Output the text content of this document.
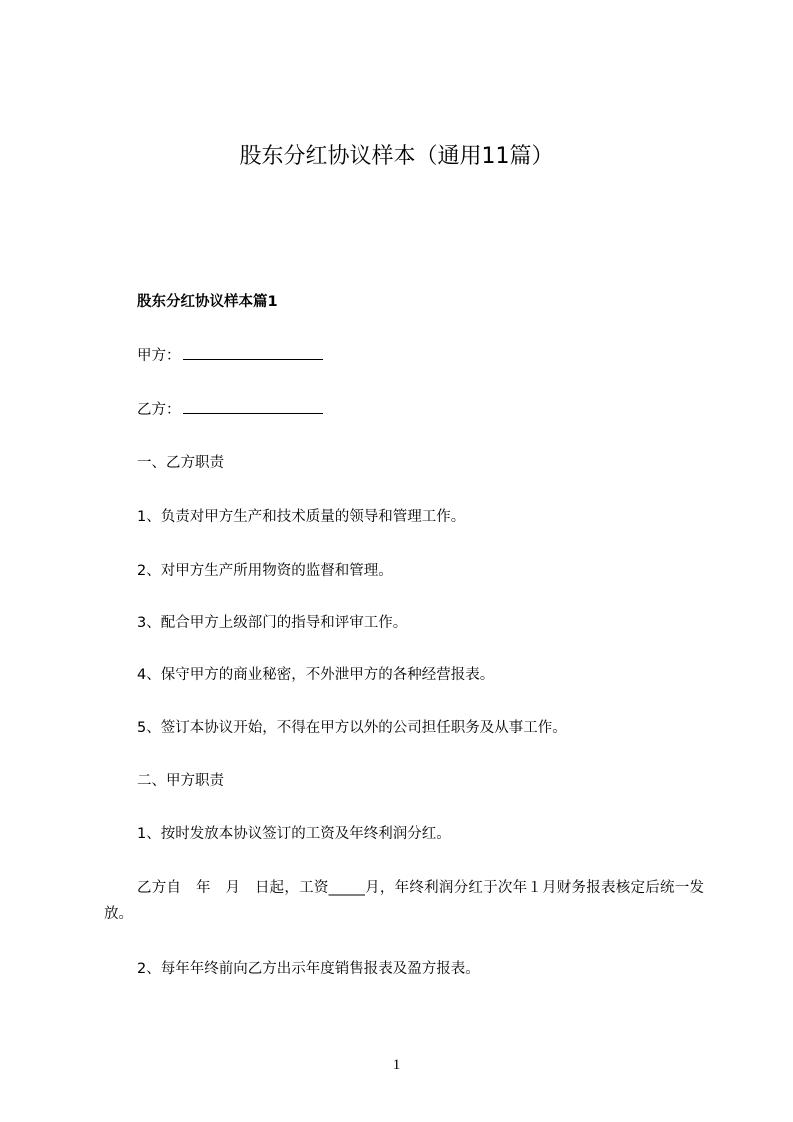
股东分红协议样本（通用11篇）
股东分红协议样本篇1
甲方：
乙方：
一、乙方职责
1、负责对甲方生产和技术质量的领导和管理工作。
2、对甲方生产所用物资的监督和管理。
3、配合甲方上级部门的指导和评审工作。
4、保守甲方的商业秘密，不外泄甲方的各种经营报表。
5、签订本协议开始，不得在甲方以外的公司担任职务及从事工作。
二、甲方职责
1、按时发放本协议签订的工资及年终利润分红。
乙方自　年　月　日起，工资_____月，年终利润分红于次年１月财务报表核定后统一发放。
2、每年年终前向乙方出示年度销售报表及盈方报表。
1
